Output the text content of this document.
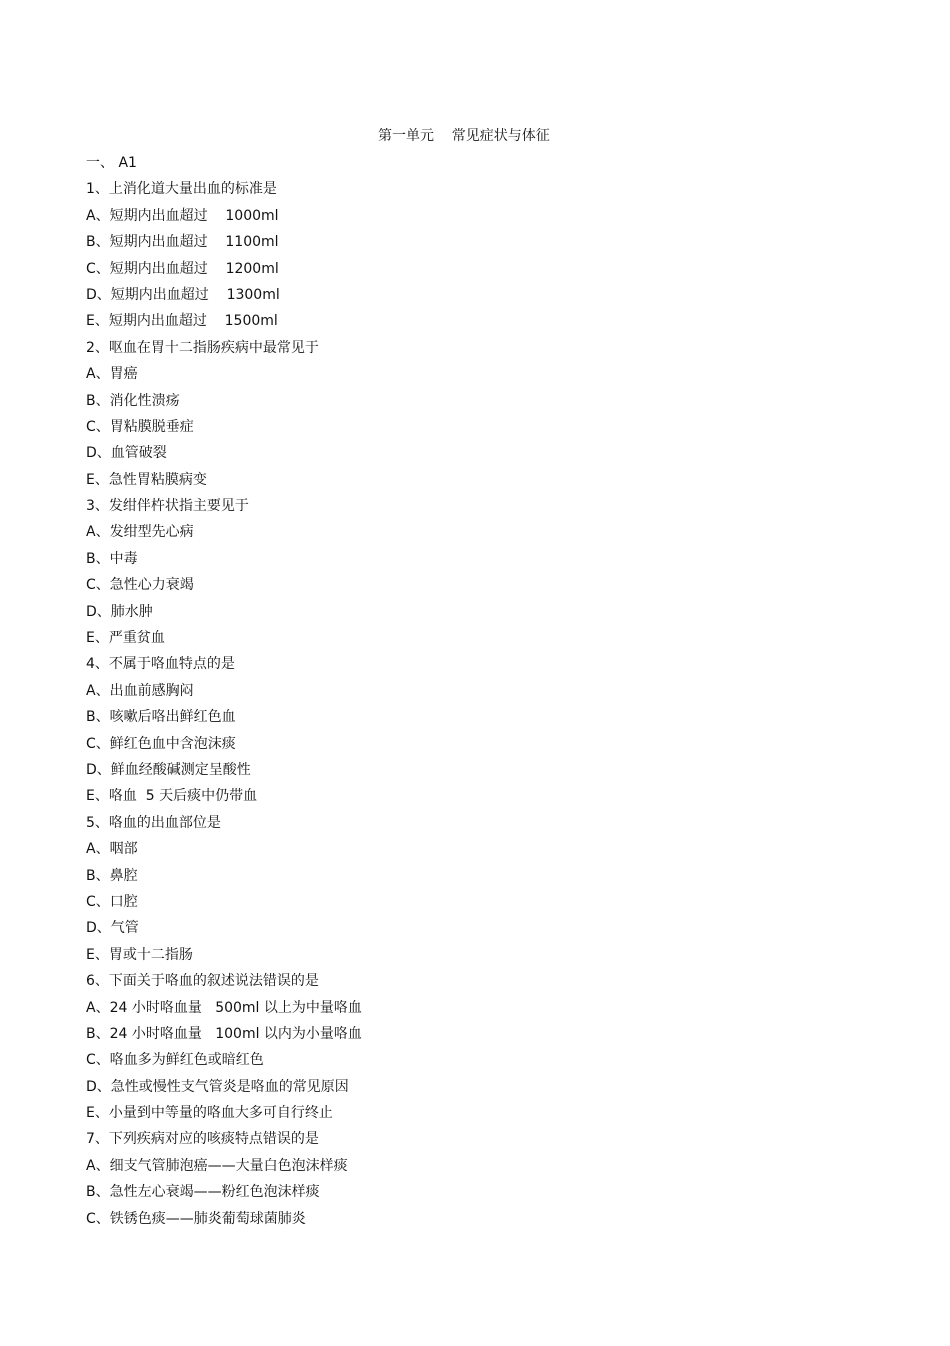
第一单元    常见症状与体征
一、 A1
1、上消化道大量出血的标准是
A、短期内出血超过    1000ml
B、短期内出血超过    1100ml
C、短期内出血超过    1200ml
D、短期内出血超过    1300ml
E、短期内出血超过    1500ml
2、呕血在胃十二指肠疾病中最常见于
A、胃癌
B、消化性溃疡
C、胃粘膜脱垂症
D、血管破裂
E、急性胃粘膜病变
3、发绀伴杵状指主要见于
A、发绀型先心病
B、中毒
C、急性心力衰竭
D、肺水肿
E、严重贫血
4、不属于咯血特点的是
A、出血前感胸闷
B、咳嗽后咯出鲜红色血
C、鲜红色血中含泡沫痰
D、鲜血经酸碱测定呈酸性
E、咯血  5 天后痰中仍带血
5、咯血的出血部位是
A、咽部
B、鼻腔
C、口腔
D、气管
E、胃或十二指肠
6、下面关于咯血的叙述说法错误的是
A、24 小时咯血量   500ml 以上为中量咯血
B、24 小时咯血量   100ml 以内为小量咯血
C、咯血多为鲜红色或暗红色
D、急性或慢性支气管炎是咯血的常见原因
E、小量到中等量的咯血大多可自行终止
7、下列疾病对应的咳痰特点错误的是
A、细支气管肺泡癌——大量白色泡沫样痰
B、急性左心衰竭——粉红色泡沫样痰
C、铁锈色痰——肺炎葡萄球菌肺炎
